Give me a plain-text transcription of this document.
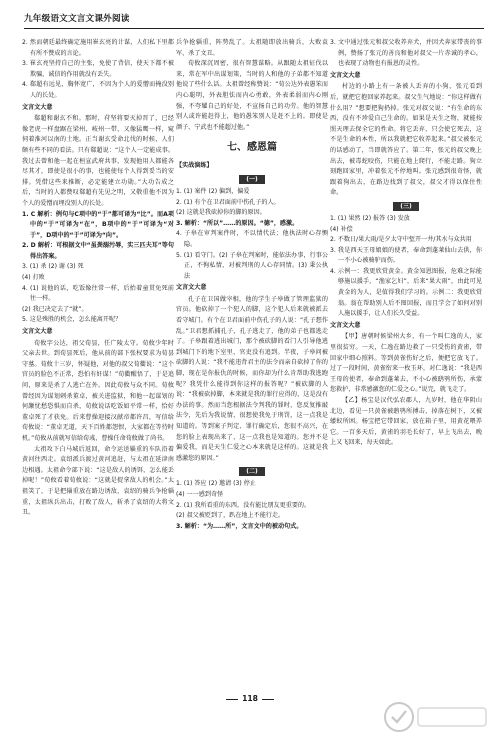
九年级语文文言文课外阅读

2. 然而朝廷最终确定施用崔玄亮的计谋，人们私下里都有所不赞成的言论。

3. 崔玄亮坚持自己的主张，免使了背信，使天下都不被欺骗，诚信的作用就没有丢失。

4. 郗超有远见，胸怀宽广，不因为个人的爱憎而掩没别人的长处。

文言文大意

郗超和谢玄不和。那时，苻坚将要灭掉晋了，已经像老虎一样盘踞在梁州、岐州一带，又像猛鹰一样，窥伺着淮河以南的土地。正当谢玄受命北伐的时候，人们颇有些不同的看法。只有郗超说：“这个人一定能成事。我过去曾和他一起在桓宣武府共事，发现他用人都能各尽其才，即使是很小的事，也能使每个人得到妥当的安排。凭借这些来推断，必定能建立功勋。”大功告成之后，当时的人都赞叹郗超有先见之明，又敬重他不因为个人的爱憎而埋没别人的长处。

1. C 解析：例句与C项中的“于”都可译为“比”。而A项中的“于”可译为“在”，B项中的“于”可译为“对于”，D项中的“于”可译为“向”。

2. D 解析：可根据文中“虽粪溺污辱，实三匹夫耳”等句得出答案。

3. (1) 杀 (2) 谢 (3) 死

(4) 打败

4. (1) 说他的话，吃饭像往常一样，后抬着童贯免死前往一样。

(2) 我已决定去了“就”。

5. 这是殊胜的机会，怎么能离开呢？

文言文大意

荀攸字公达，祖父荀昙，任广陵太守。荀攸少年时父亲去世。到荀昙死后，他从前的部下张权要求为荀昙守墓。荀攸十三岁，怀疑他，对他的叔父荀衢说：“这个官员的脸色不正常，恐怕有奸谋！”荀衢醒悟了，于是追问，原来是杀了人逃亡在外。因此荀攸与众不同。荀攸曾经因为谋划刺杀董卓，被关进监狱，和他一起谋划的何颙忧愁恐惧而自杀，荀攸说话吃饭如平常一样，恰好董卓死了才获免。后来曹操迎接汉献帝都许昌，写信给荀攸说：“董卓无道，天下百姓都怨恨，大家都在等待时机。”荀攸从前就写信给荀彧，曹操任命荀攸做了尚书。

太祖攻下白马城后返回，命令运送辎重的车队沿着黄河往西走。袁绍派兵渡过黄河追赶，与太祖在延津南边相遇。太祖命令部下说：“这是敌人的诱饵，怎么能丢掉呢！”荀攸看着荀攸说：“这就是捉拿敌人的机会。”太祖笑了，于是把辎重放在路边诱敌，袁绍的骑兵争抢辎重，太祖纵兵出击，打败了敌人，斩杀了袁绍的大将文丑。

兵争抢辎重，阵势乱了。太祖随即放出骑兵，大败袁军，杀了文丑。

荀攸深沉周密，很有智慧谋略。从跟随太祖征伐以来，常在军中出谋划策，当时的人和他的子弟都不知道他说了些什么话。太祖曾经称赞说：“荀公达外表愚笨而内心聪明，外表胆怯而内心勇敢，外表柔弱而内心刚强，不夸耀自己的好处，不宣扬自己的功劳。他的智慧别人或许能赶得上，他的愚笨别人是赶不上的。即使是颜子、宁武也不能超过他。”

七、感恩篇

【实战演练】

(一)

1. (1) 案件 (2) 偏到，偏爱

2. (1) 有个在卫君面前中伤孔子的人。

(2) 这就是我砍掉你的脚的原因。

3. 解析：“所以”……的原因。“德”，感激。

4. 子皋在审判案件时，不以情代法；他执法时心存恻隐。

5. (1) 看守门。(2) 子皋在判案时，能依法办事，行事公正，不徇私情，对被判刑的人心存同情。(3) 秉公执法

文言文大意

孔子在卫国做宰相，他的学生子皋做了管理监狱的官员。他砍掉了一个犯人的脚，这个犯人后来就被派去看守城门。有个在卫君面前中伤孔子的人说：“孔子想作乱。”卫君想抓捕孔子，孔子逃走了，他的弟子也都逃走了。子皋跟着逃出城门，那个被砍脚的看门人引导他逃到城门下的地下室里，官吏没有追到。半夜，子皋问被砍脚的人说：“我不能违背君主的法令而亲自砍掉了你的脚，现在是你报仇的时候，而你却为什么肯帮助我逃跑呢？我凭什么能得到你这样的报答呢？”被砍脚的人说：“我被砍掉脚，本来就是我的罪行应得的，这是没有办法的事。然而当您根据法令判我的罪时，您反复推敲法令，先后为我说情，很想使我免于刑罚，这一点我是知道的。等到案子判定、罪行确定后，您很不高兴，在您的脸上表现出来了，这一点我也是知道的。您并不是偏爱我，而是天生仁爱之心本来就是这样的。这就是我感激您的原因。”

(二)

1. (1) 答应 (2) 邀请 (3) 停止

(4) 一一感到奇怪

2. (1) 我所看重的东西，没有能比朋友更重要的。

(2) 叔父被贬到了，趴在地上不能行走。

3. 解析：“为……所”，文言文中的被动句式。

3. 文中通过张元和叔父收养弃犬，并因犬奔家带丧的事例，赞扬了张元的善良和他对叔父一片赤诚的孝心，也表现了动物也有报恩的灵性。

文言文大意

村边的小路上有一条被人丢弃的小狗，张元看到后，就把它抱回家养起来。叔父生气地说：“你这样做有什么用？”想要把狗扔掉。张元对叔父说：“有生命的东西，没有不珍爱自己生命的。如果是天生之物，就能按照天理去保全它的性命。将它丢弃，只会使它死去，这不是生命的本性，所以我就把它收养起来。”叔父被张元的话感动了，当即就答应了。第二年，张元的叔父晚上出去，被毒蛇咬伤，只能在地上爬行，不能走路。狗立刻跑回家里，冲着张元不停地叫。张元感到很奇怪，就跟着狗出去，在路边找到了叔父，叔父才得以保住性命。

(三)

1. (1) 果然 (2) 报答 (3) 发放

(4) 补偿

2. 不数日/果大雨/是夕太守中堑开一井/其水与众共用

3. 我是西天王母娘娘的使者，奉命到蓬莱仙山去供，你一不小心被骑驴而伤。

4. 示例一：我更欣赏黄金。黄金知恩图报，危难之际能够施以援手，“渔家乞妇”，后来“果大雨”，由此可见黄金的为人，是值得我们学习的。示例二：我更欣赏翁。翁在帮助别人后不图回报，而且学会了如何对别人施以援手，让人们长久受益。

文言文大意

【甲】唐朝时候梁州大乡，有一个叫仁逸的人，家里很贫穷。一天，仁逸在路边救了一只受伤的黄雀，带回家中细心照料。等到黄雀伤好之后，便把它放飞了。过了一段时间，黄雀衔来一枚玉环，对仁逸说：“我是西王母的使者，奉命到蓬莱去，不小心被鸱鸮所伤，承蒙您救护，非常感激您的仁爱之心。”说完，就飞走了。

【乙】杨宝是汉代弘农郡人，九岁时，他在华阴山北边，看见一只黄雀被鸱鸮所搏击，掉落在树下，又被蝼蚁所困。杨宝把它带回家，放在箱子里，用黄花喂养它。一百多天后，黄雀的羽毛长好了，早上飞出去，晚上又飞回来，每天如此。

118
